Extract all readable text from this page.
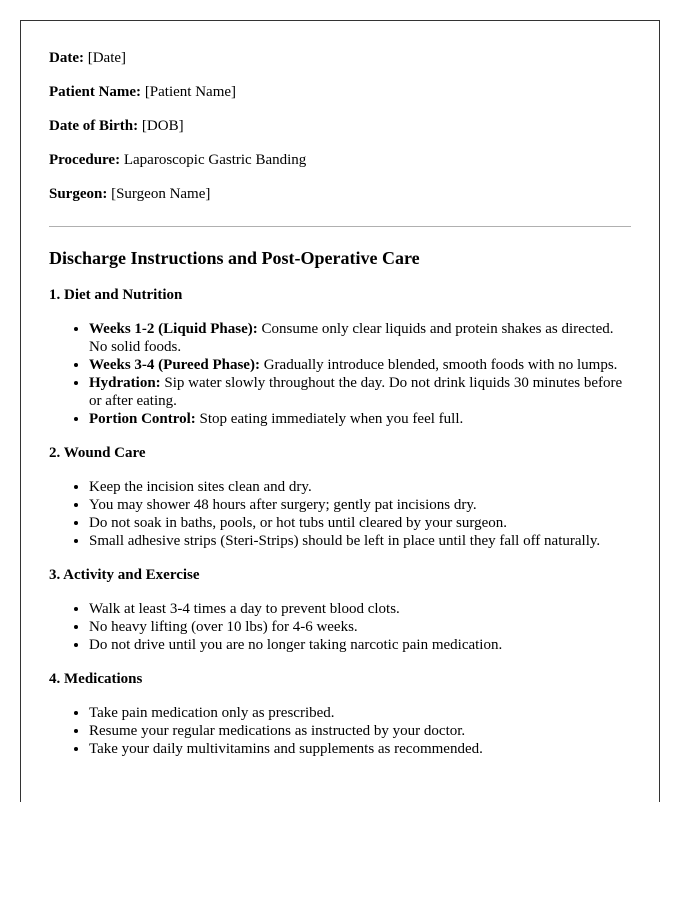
Date: [Date]

Patient Name: [Patient Name]

Date of Birth: [DOB]

Procedure: Laparoscopic Gastric Banding

Surgeon: [Surgeon Name]

Discharge Instructions and Post-Operative Care
1. Diet and Nutrition
• Weeks 1-2 (Liquid Phase): Consume only clear liquids and protein shakes as directed. No solid foods.
• Weeks 3-4 (Pureed Phase): Gradually introduce blended, smooth foods with no lumps.
• Hydration: Sip water slowly throughout the day. Do not drink liquids 30 minutes before or after eating.
• Portion Control: Stop eating immediately when you feel full.
2. Wound Care
• Keep the incision sites clean and dry.
• You may shower 48 hours after surgery; gently pat incisions dry.
• Do not soak in baths, pools, or hot tubs until cleared by your surgeon.
• Small adhesive strips (Steri-Strips) should be left in place until they fall off naturally.
3. Activity and Exercise
• Walk at least 3-4 times a day to prevent blood clots.
• No heavy lifting (over 10 lbs) for 4-6 weeks.
• Do not drive until you are no longer taking narcotic pain medication.
4. Medications
• Take pain medication only as prescribed.
• Resume your regular medications as instructed by your doctor.
• Take your daily multivitamins and supplements as recommended.
